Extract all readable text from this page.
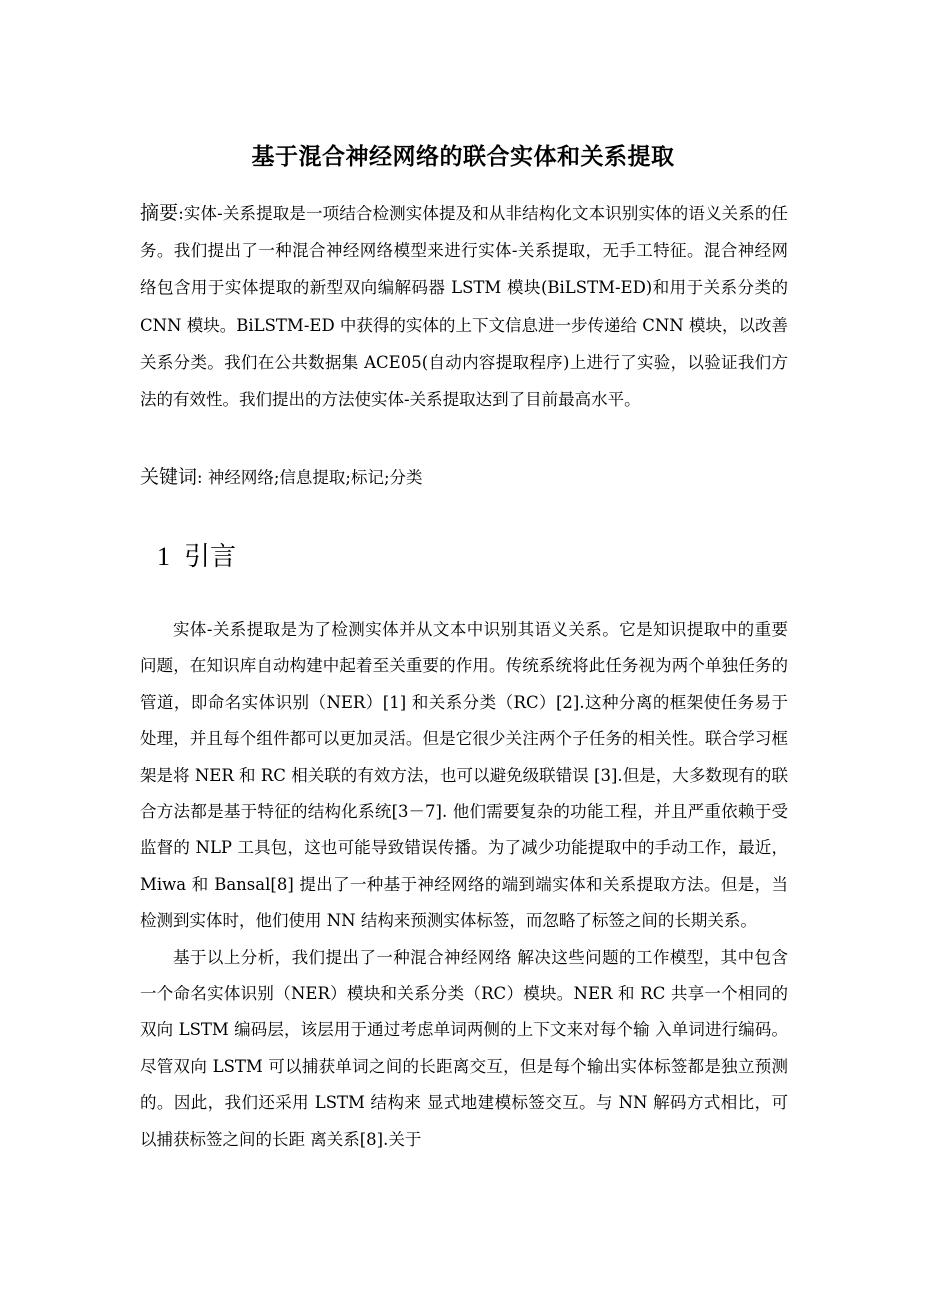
基于混合神经网络的联合实体和关系提取
摘要:实体-关系提取是一项结合检测实体提及和从非结构化文本识别实体的语义关系的任务。我们提出了一种混合神经网络模型来进行实体-关系提取，无手工特征。混合神经网络包含用于实体提取的新型双向编解码器 LSTM 模块(BiLSTM-ED)和用于关系分类的 CNN 模块。BiLSTM-ED 中获得的实体的上下文信息进一步传递给 CNN 模块，以改善关系分类。我们在公共数据集 ACE05(自动内容提取程序)上进行了实验，以验证我们方法的有效性。我们提出的方法使实体-关系提取达到了目前最高水平。
关键词: 神经网络;信息提取;标记;分类
1 引言

实体-关系提取是为了检测实体并从文本中识别其语义关系。它是知识提取中的重要问题，在知识库自动构建中起着至关重要的作用。传统系统将此任务视为两个单独任务的管道，即命名实体识别（NER）[1] 和关系分类（RC）[2].这种分离的框架使任务易于处理，并且每个组件都可以更加灵活。但是它很少关注两个子任务的相关性。联合学习框架是将 NER 和 RC 相关联的有效方法，也可以避免级联错误 [3].但是，大多数现有的联合方法都是基于特征的结构化系统[3－7]. 他们需要复杂的功能工程，并且严重依赖于受监督的 NLP 工具包，这也可能导致错误传播。为了减少功能提取中的手动工作，最近，Miwa 和 Bansal[8] 提出了一种基于神经网络的端到端实体和关系提取方法。但是，当检测到实体时，他们使用 NN 结构来预测实体标签，而忽略了标签之间的长期关系。

基于以上分析，我们提出了一种混合神经网络 解决这些问题的工作模型，其中包含一个命名实体识别（NER）模块和关系分类（RC）模块。NER 和 RC 共享一个相同的双向 LSTM 编码层，该层用于通过考虑单词两侧的上下文来对每个输 入单词进行编码。尽管双向 LSTM 可以捕获单词之间的长距离交互，但是每个输出实体标签都是独立预测的。因此，我们还采用 LSTM 结构来 显式地建模标签交互。与 NN 解码方式相比，可以捕获标签之间的长距 离关系[8].关于
